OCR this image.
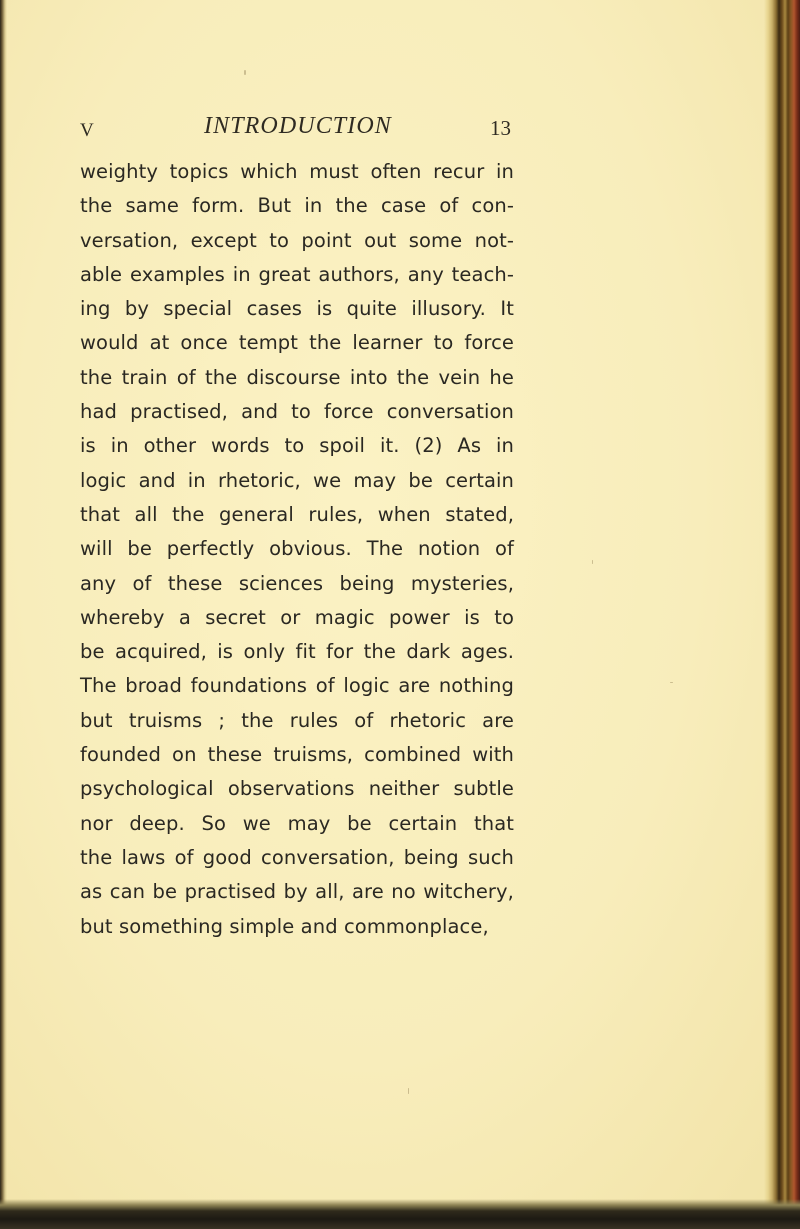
V	INTRODUCTION	13
weighty topics which must often recur in
the same form. But in the case of con-
versation, except to point out some not-
able examples in great authors, any teach-
ing by special cases is quite illusory. It
would at once tempt the learner to force
the train of the discourse into the vein he
had practised, and to force conversation
is in other words to spoil it. (2) As in
logic and in rhetoric, we may be certain
that all the general rules, when stated,
will be perfectly obvious. The notion of
any of these sciences being mysteries,
whereby a secret or magic power is to
be acquired, is only fit for the dark ages.
The broad foundations of logic are nothing
but truisms ; the rules of rhetoric are
founded on these truisms, combined with
psychological observations neither subtle
nor deep. So we may be certain that
the laws of good conversation, being such
as can be practised by all, are no witchery,
but something simple and commonplace,
